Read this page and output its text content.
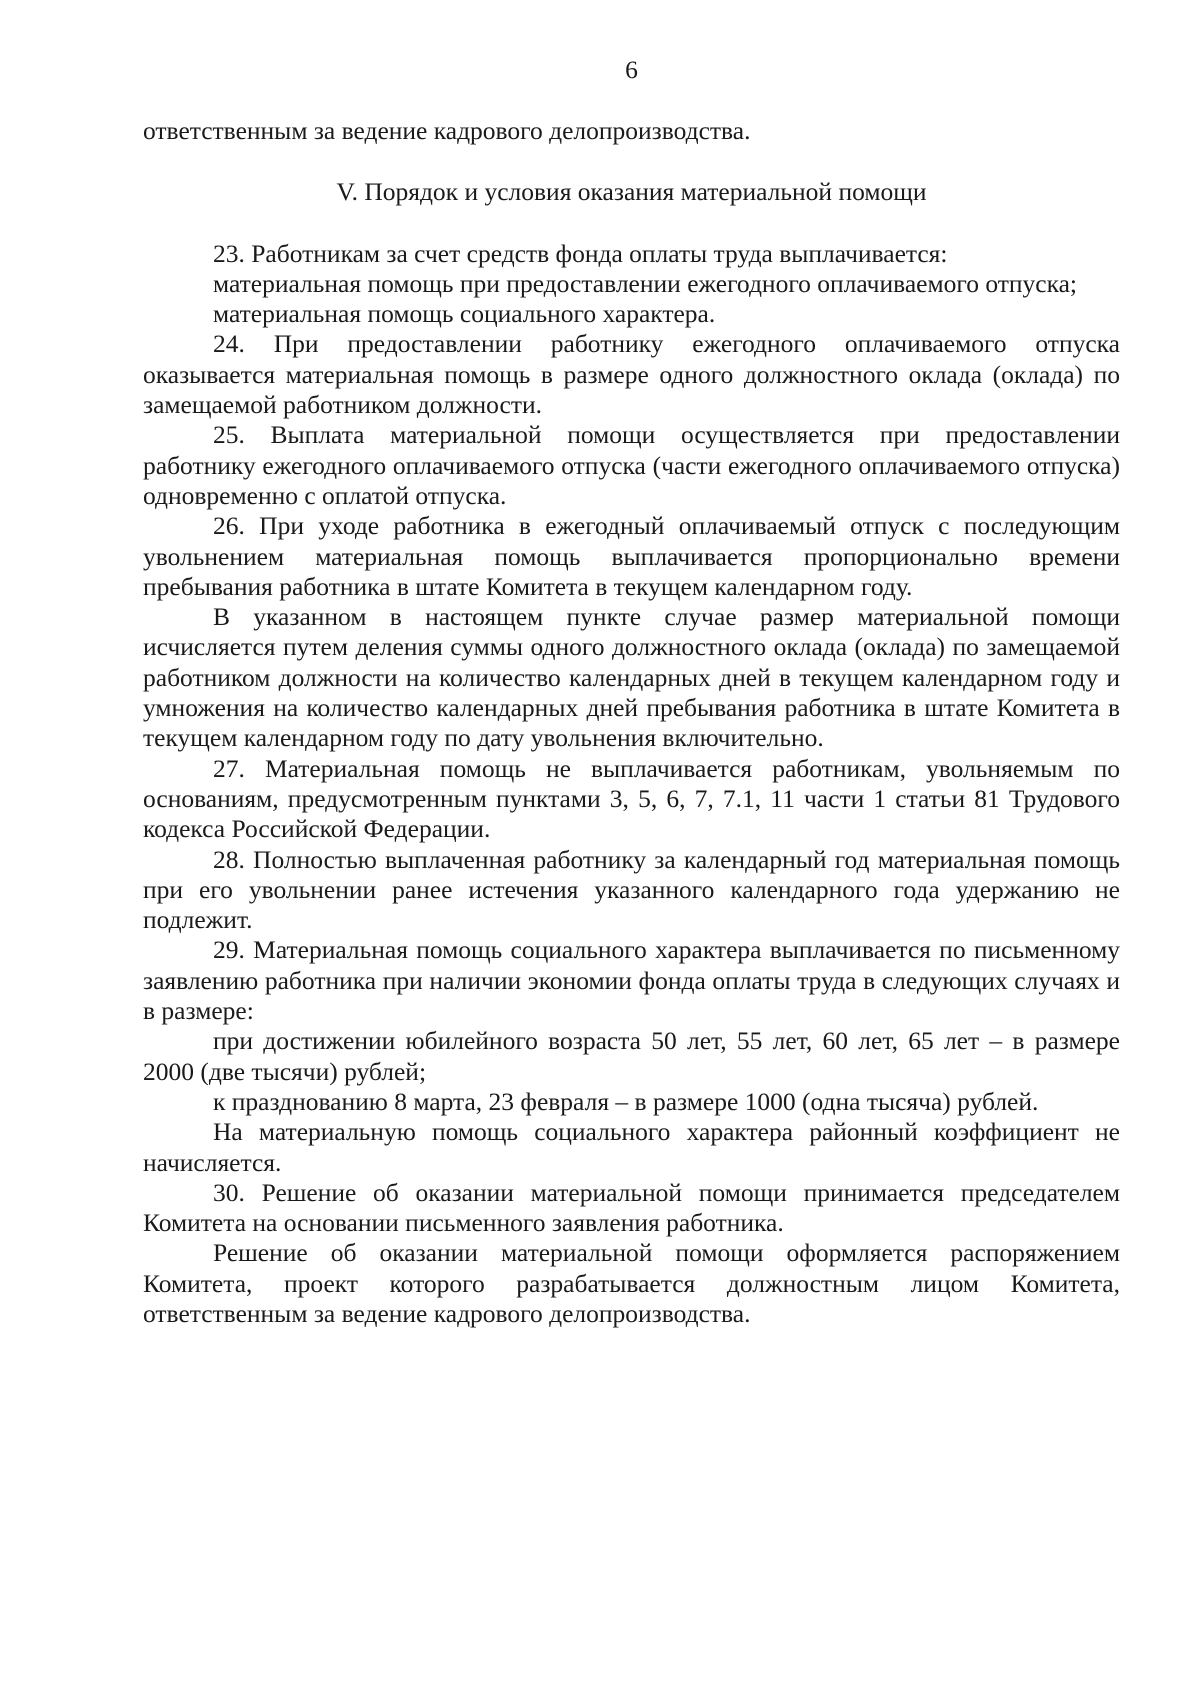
6

ответственным за ведение кадрового делопроизводства.

V. Порядок и условия оказания материальной помощи

23. Работникам за счет средств фонда оплаты труда выплачивается:

материальная помощь при предоставлении ежегодного оплачиваемого отпуска;

материальная помощь социального характера.

24. При предоставлении работнику ежегодного оплачиваемого отпуска оказывается материальная помощь в размере одного должностного оклада (оклада) по замещаемой работником должности.

25. Выплата материальной помощи осуществляется при предоставлении работнику ежегодного оплачиваемого отпуска (части ежегодного оплачиваемого отпуска) одновременно с оплатой отпуска.

26. При уходе работника в ежегодный оплачиваемый отпуск с последующим увольнением материальная помощь выплачивается пропорционально времени пребывания работника в штате Комитета в текущем календарном году.

В указанном в настоящем пункте случае размер материальной помощи исчисляется путем деления суммы одного должностного оклада (оклада) по замещаемой работником должности на количество календарных дней в текущем календарном году и умножения на количество календарных дней пребывания работника в штате Комитета в текущем календарном году по дату увольнения включительно.

27. Материальная помощь не выплачивается работникам, увольняемым по основаниям, предусмотренным пунктами 3, 5, 6, 7, 7.1, 11 части 1 статьи 81 Трудового кодекса Российской Федерации.

28. Полностью выплаченная работнику за календарный год материальная помощь при его увольнении ранее истечения указанного календарного года удержанию не подлежит.

29. Материальная помощь социального характера выплачивается по письменному заявлению работника при наличии экономии фонда оплаты труда в следующих случаях и в размере:

при достижении юбилейного возраста 50 лет, 55 лет, 60 лет, 65 лет – в размере 2000 (две тысячи) рублей;

к празднованию 8 марта, 23 февраля – в размере 1000 (одна тысяча) рублей.

На материальную помощь социального характера районный коэффициент не начисляется.

30. Решение об оказании материальной помощи принимается председателем Комитета на основании письменного заявления работника.

Решение об оказании материальной помощи оформляется распоряжением Комитета, проект которого разрабатывается должностным лицом Комитета, ответственным за ведение кадрового делопроизводства.
